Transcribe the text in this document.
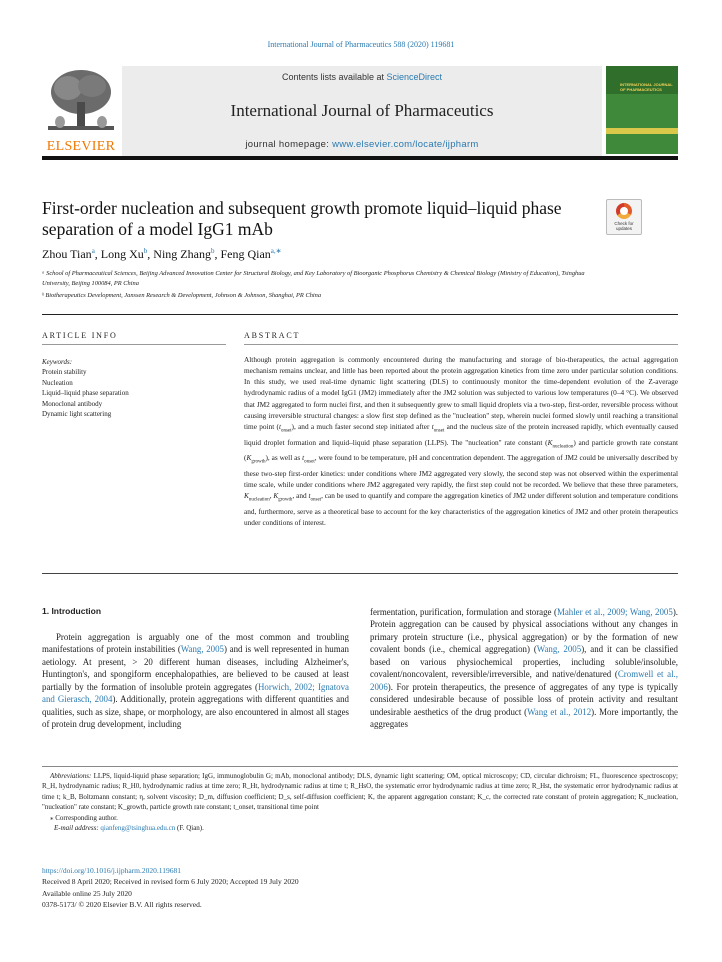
International Journal of Pharmaceutics 588 (2020) 119681
ELSEVIER
Contents lists available at ScienceDirect
International Journal of Pharmaceutics
journal homepage: www.elsevier.com/locate/ijpharm
INTERNATIONAL JOURNAL OF PHARMACEUTICS
First-order nucleation and subsequent growth promote liquid–liquid phase separation of a model IgG1 mAb	Check for updates
Zhou Tian$^a$, Long Xu$^b$, Ning Zhang$^b$, Feng Qian$^{a,∗}$
ᵃ School of Pharmaceutical Sciences, Beijing Advanced Innovation Center for Structural Biology, and Key Laboratory of Bioorganic Phosphorus Chemistry & Chemical Biology (Ministry of Education), Tsinghua University, Beijing 100084, PR China
ᵇ Biotherapeutics Development, Janssen Research & Development, Johnson & Johnson, Shanghai, PR China
ARTICLE INFO
Keywords:
Protein stability
Nucleation
Liquid–liquid phase separation
Monoclonal antibody
Dynamic light scattering
ABSTRACT

Although protein aggregation is commonly encountered during the manufacturing and storage of bio-therapeutics, the actual aggregation mechanism remains unclear, and little has been reported about the protein aggregation kinetics from time zero under particular solution conditions. In this study, we used real-time dynamic light scattering (DLS) to continuously monitor the time-dependent evolution of the Z-average hydrodynamic radius of a model IgG1 (JM2) immediately after the JM2 solution was subjected to various low temperatures (0–4 °C). We observed that JM2 aggregated to form nuclei first, and then it subsequently grew to small liquid droplets via a two-step, first-order, reversible process without causing irreversible structural changes: a slow first step defined as the "nucleation" step, wherein nuclei formed slowly until reaching a transitional time point $(t_{onset})$, and a much faster second step initiated after $t_{onset}$ and the nucleus size of the protein increased rapidly, which eventually caused liquid droplet formation and liquid–liquid phase separation (LLPS). The "nucleation" rate constant $(K_{nucleation})$ and particle growth rate constant $(K_{growth})$, as well as $t_{onset}$, were found to be temperature, pH and concentration dependent. The aggregation of JM2 could be universally described by these two-step first-order kinetics: under conditions where JM2 aggregated very slowly, the second step was not observed within the experimental time scale, while under conditions where JM2 aggregated very rapidly, the first step could not be recorded. We believe that these three parameters, $K_{nucleation}$, $K_{growth}$, and $t_{onset}$, can be used to quantify and compare the aggregation kinetics of JM2 under different solution and temperature conditions and, furthermore, serve as a theoretical base to account for the key characteristics of the aggregation kinetics of JM2 and other protein therapeutics under conditions of interest.

1. Introduction

Protein aggregation is arguably one of the most common and troubling manifestations of protein instabilities (Wang, 2005) and is well represented in human aetiology. At present, > 20 different human diseases, including Alzheimer's, Huntington's, and spongiform encephalopathies, are believed to be caused at least partially by the formation of insoluble protein aggregates (Horwich, 2002; Ignatova and Gierasch, 2004). Additionally, protein aggregations with different quantities and qualities, such as size, shape, or morphology, are also encountered in almost all stages of protein drug development, including

fermentation, purification, formulation and storage (Mahler et al., 2009; Wang, 2005). Protein aggregation can be caused by physical associations without any changes in primary protein structure (i.e., physical aggregation) or by the formation of new covalent bonds (i.e., chemical aggregation) (Wang, 2005), and it can be classified based on various physiochemical properties, including soluble/insoluble, covalent/noncovalent, reversible/irreversible, and native/denatured (Cromwell et al., 2006). For protein therapeutics, the presence of aggregates of any type is typically considered undesirable because of possible loss of protein activity and resultant undesirable aesthetics of the drug product (Wang et al., 2012). More importantly, the aggregates

Abbreviations: LLPS, liquid-liquid phase separation; IgG, immunoglobulin G; mAb, monoclonal antibody; DLS, dynamic light scattering; OM, optical microscopy; CD, circular dichroism; FL, fluorescence spectroscopy; R_H, hydrodynamic radius; R_H0, hydrodynamic radius at time zero; R_Ht, hydrodynamic radius at time t; R_HsO, the systematic error hydrodynamic radius at time zero; R_Hst, the systematic error hydrodynamic radius at time t; k_B, Boltzmann constant; η, solvent viscosity; D_m, diffusion coefficient; D_s, self-diffusion coefficient; K, the apparent aggregation constant; K_c, the corrected rate constant of protein aggregation; K_nucleation, "nucleation" rate constant; K_growth, particle growth rate constant; t_onset, transitional time point

⁎ Corresponding author.

E-mail address: qianfeng@tsinghua.edu.cn (F. Qian).

https://doi.org/10.1016/j.ijpharm.2020.119681
Received 8 April 2020; Received in revised form 6 July 2020; Accepted 19 July 2020
Available online 25 July 2020
0378-5173/ © 2020 Elsevier B.V. All rights reserved.
